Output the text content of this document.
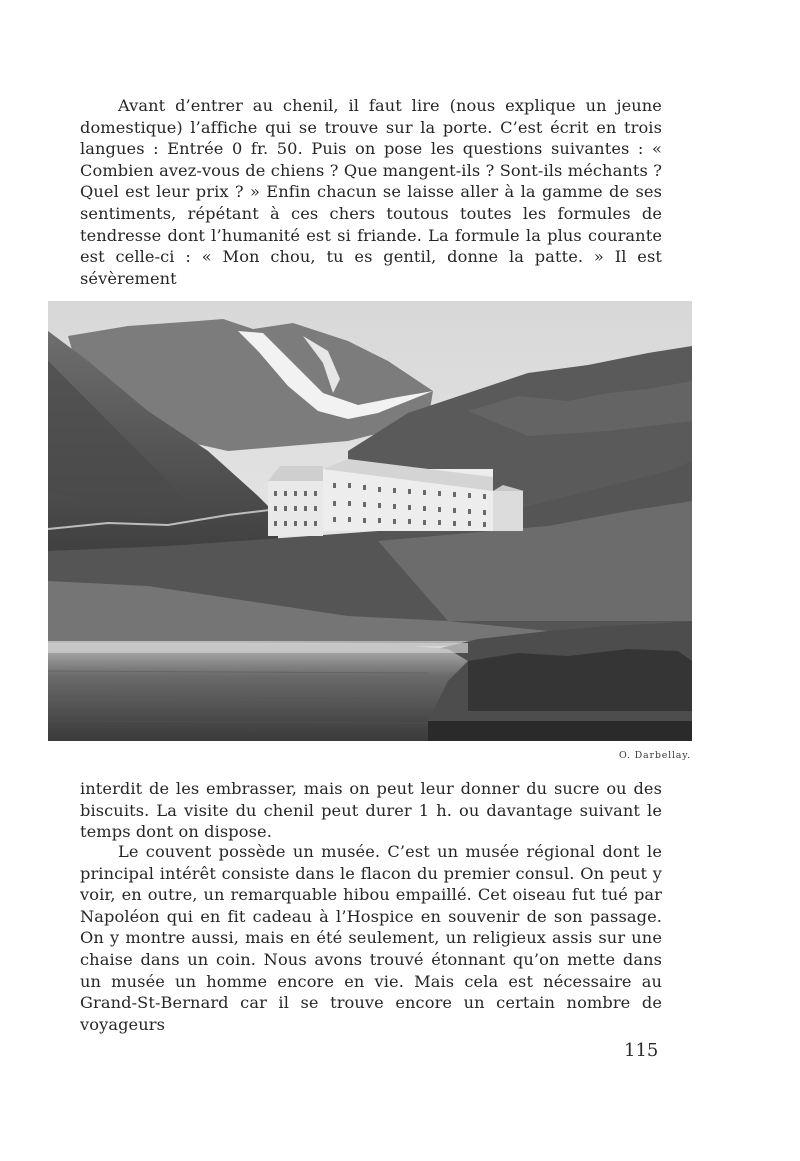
Avant d’entrer au chenil, il faut lire (nous explique un jeune domestique) l’affiche qui se trouve sur la porte. C’est écrit en trois langues : Entrée 0 fr. 50. Puis on pose les questions suivantes : « Combien avez-vous de chiens ? Que mangent-ils ? Sont-ils méchants ? Quel est leur prix ? » Enfin chacun se laisse aller à la gamme de ses sentiments, répétant à ces chers toutous toutes les formules de tendresse dont l’humanité est si friande. La formule la plus courante est celle-ci : « Mon chou, tu es gentil, donne la patte. » Il est sévèrement

O. Darbellay.

interdit de les embrasser, mais on peut leur donner du sucre ou des biscuits. La visite du chenil peut durer 1 h. ou davantage suivant le temps dont on dispose.

Le couvent possède un musée. C’est un musée régional dont le principal intérêt consiste dans le flacon du premier consul. On peut y voir, en outre, un remarquable hibou empaillé. Cet oiseau fut tué par Napoléon qui en fit cadeau à l’Hospice en souvenir de son passage. On y montre aussi, mais en été seulement, un religieux assis sur une chaise dans un coin. Nous avons trouvé étonnant qu’on mette dans un musée un homme encore en vie. Mais cela est nécessaire au Grand-St-Bernard car il se trouve encore un certain nombre de voyageurs

115
